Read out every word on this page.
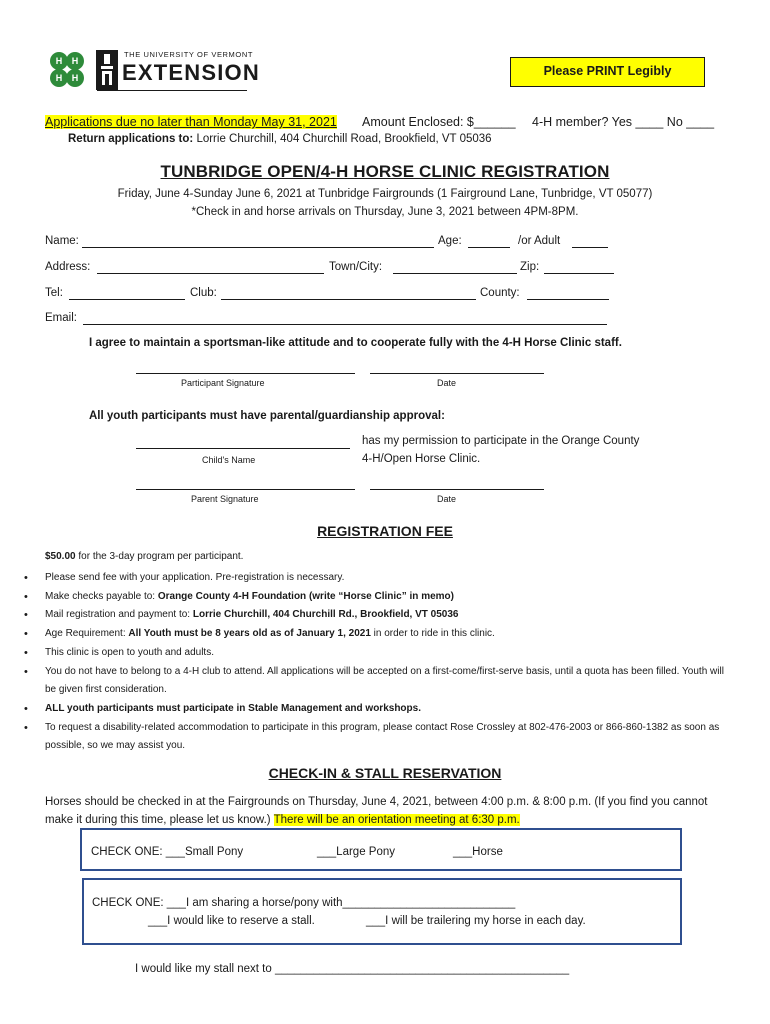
H H
H H
THE UNIVERSITY OF VERMONT
EXTENSION	Please PRINT Legibly
Applications due no later than Monday May 31, 2021 Amount Enclosed: $______ 4-H member? Yes ____ No ____
Return applications to: Lorrie Churchill, 404 Churchill Road, Brookfield, VT 05036
TUNBRIDGE OPEN/4-H HORSE CLINIC REGISTRATION
Friday, June 4-Sunday June 6, 2021 at Tunbridge Fairgrounds (1 Fairground Lane, Tunbridge, VT 05077)
*Check in and horse arrivals on Thursday, June 3, 2021 between 4PM-8PM.
Name:	Age:	/or Adult
Address:	Town/City:	Zip:
Tel:	Club:	County:
Email:
I agree to maintain a sportsman-like attitude and to cooperate fully with the 4-H Horse Clinic staff.
Participant Signature	Date
All youth participants must have parental/guardianship approval:
has my permission to participate in the Orange County
4-H/Open Horse Clinic.
Child's Name
Parent Signature	Date
REGISTRATION FEE
$50.00 for the 3-day program per participant.
• Please send fee with your application. Pre-registration is necessary.
• Make checks payable to: Orange County 4-H Foundation (write “Horse Clinic” in memo)
• Mail registration and payment to: Lorrie Churchill, 404 Churchill Rd., Brookfield, VT 05036
• Age Requirement: All Youth must be 8 years old as of January 1, 2021 in order to ride in this clinic.
• This clinic is open to youth and adults.
• You do not have to belong to a 4-H club to attend. All applications will be accepted on a first-come/first-serve basis, until a quota has been filled. Youth will be given first consideration.
• ALL youth participants must participate in Stable Management and workshops.
• To request a disability-related accommodation to participate in this program, please contact Rose Crossley at 802-476-2003 or 866-860-1382 as soon as possible, so we may assist you.
CHECK-IN & STALL RESERVATION
Horses should be checked in at the Fairgrounds on Thursday, June 4, 2021, between 4:00 p.m. & 8:00 p.m. (If you find you cannot make it during this time, please let us know.) There will be an orientation meeting at 6:30 p.m.
CHECK ONE: ___Small Pony	___Large Pony	___Horse
CHECK ONE: ___I am sharing a horse/pony with___________________________
___I would like to reserve a stall.	___I will be trailering my horse in each day.
I would like my stall next to ______________________________________________
